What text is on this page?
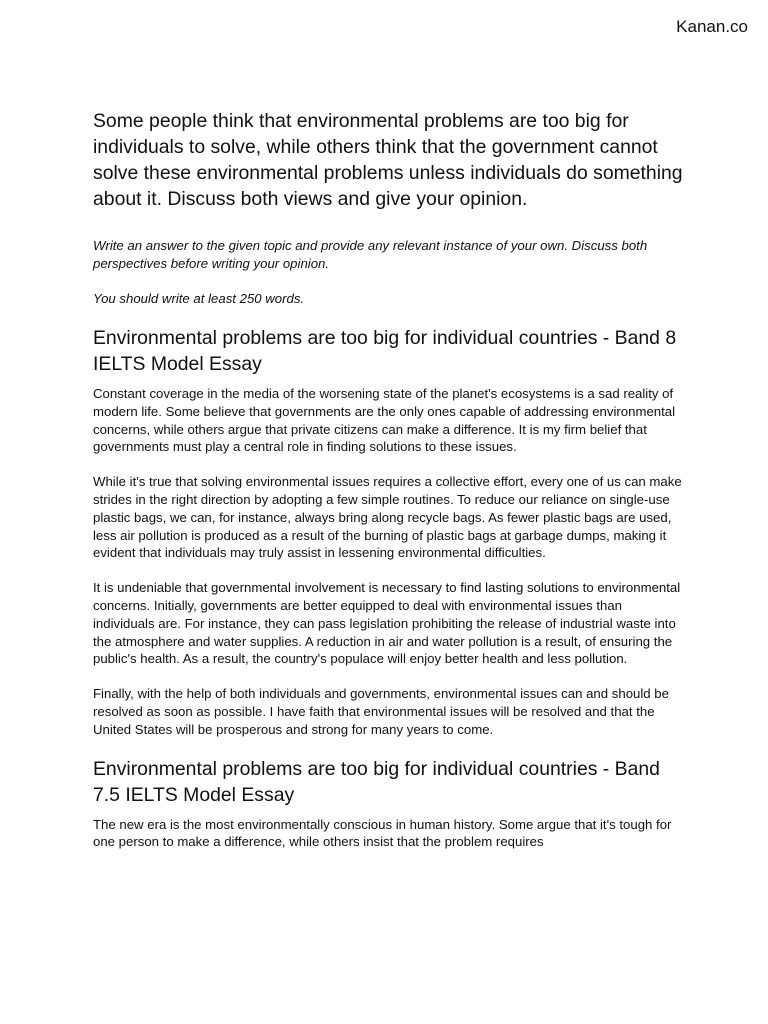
Kanan.co
Some people think that environmental problems are too big for individuals to solve, while others think that the government cannot solve these environmental problems unless individuals do something about it. Discuss both views and give your opinion.

Write an answer to the given topic and provide any relevant instance of your own. Discuss both perspectives before writing your opinion.

You should write at least 250 words.

Environmental problems are too big for individual countries - Band 8 IELTS Model Essay

Constant coverage in the media of the worsening state of the planet's ecosystems is a sad reality of modern life. Some believe that governments are the only ones capable of addressing environmental concerns, while others argue that private citizens can make a difference. It is my firm belief that governments must play a central role in finding solutions to these issues.

While it's true that solving environmental issues requires a collective effort, every one of us can make strides in the right direction by adopting a few simple routines. To reduce our reliance on single-use plastic bags, we can, for instance, always bring along recycle bags. As fewer plastic bags are used, less air pollution is produced as a result of the burning of plastic bags at garbage dumps, making it evident that individuals may truly assist in lessening environmental difficulties.

It is undeniable that governmental involvement is necessary to find lasting solutions to environmental concerns. Initially, governments are better equipped to deal with environmental issues than individuals are. For instance, they can pass legislation prohibiting the release of industrial waste into the atmosphere and water supplies. A reduction in air and water pollution is a result, of ensuring the public's health. As a result, the country's populace will enjoy better health and less pollution.

Finally, with the help of both individuals and governments, environmental issues can and should be resolved as soon as possible. I have faith that environmental issues will be resolved and that the United States will be prosperous and strong for many years to come.

Environmental problems are too big for individual countries - Band 7.5 IELTS Model Essay

The new era is the most environmentally conscious in human history. Some argue that it's tough for one person to make a difference, while others insist that the problem requires
